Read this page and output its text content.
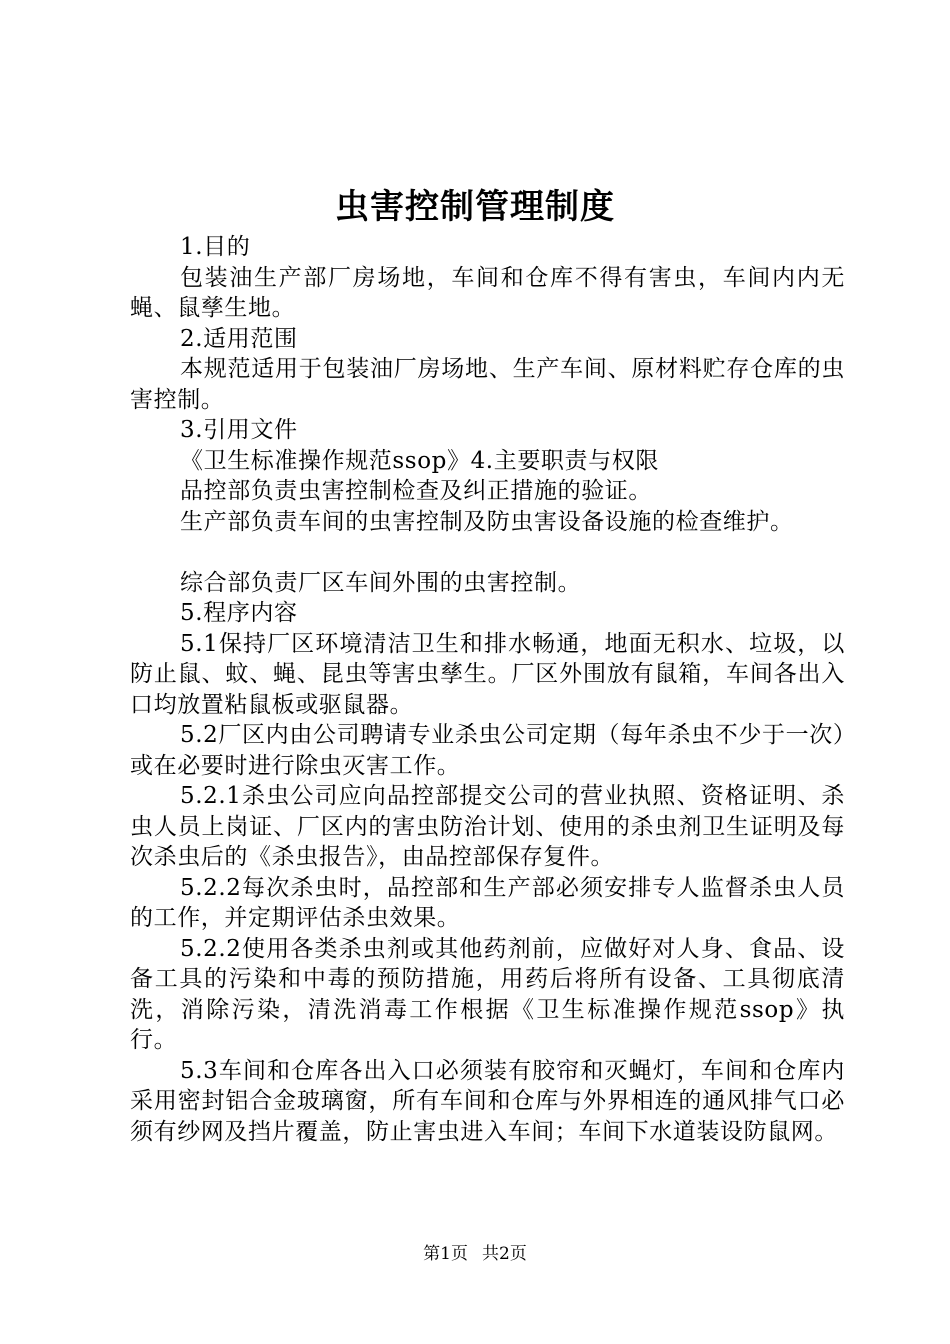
虫害控制管理制度

1.目的

包装油生产部厂房场地，车间和仓库不得有害虫，车间内内无蝇、鼠孳生地。

2.适用范围

本规范适用于包装油厂房场地、生产车间、原材料贮存仓库的虫害控制。

3.引用文件

《卫生标准操作规范ssop》4.主要职责与权限

品控部负责虫害控制检查及纠正措施的验证。

生产部负责车间的虫害控制及防虫害设备设施的检查维护。

综合部负责厂区车间外围的虫害控制。

5.程序内容

5.1保持厂区环境清洁卫生和排水畅通，地面无积水、垃圾，以防止鼠、蚊、蝇、昆虫等害虫孳生。厂区外围放有鼠箱，车间各出入口均放置粘鼠板或驱鼠器。

5.2厂区内由公司聘请专业杀虫公司定期（每年杀虫不少于一次）或在必要时进行除虫灭害工作。

5.2.1杀虫公司应向品控部提交公司的营业执照、资格证明、杀虫人员上岗证、厂区内的害虫防治计划、使用的杀虫剂卫生证明及每次杀虫后的《杀虫报告》，由品控部保存复件。

5.2.2每次杀虫时，品控部和生产部必须安排专人监督杀虫人员的工作，并定期评估杀虫效果。

5.2.2使用各类杀虫剂或其他药剂前，应做好对人身、食品、设备工具的污染和中毒的预防措施，用药后将所有设备、工具彻底清洗，消除污染，清洗消毒工作根据《卫生标准操作规范ssop》执行。

5.3车间和仓库各出入口必须装有胶帘和灭蝇灯，车间和仓库内采用密封铝合金玻璃窗，所有车间和仓库与外界相连的通风排气口必须有纱网及挡片覆盖，防止害虫进入车间；车间下水道装设防鼠网。

第1页 共2页
